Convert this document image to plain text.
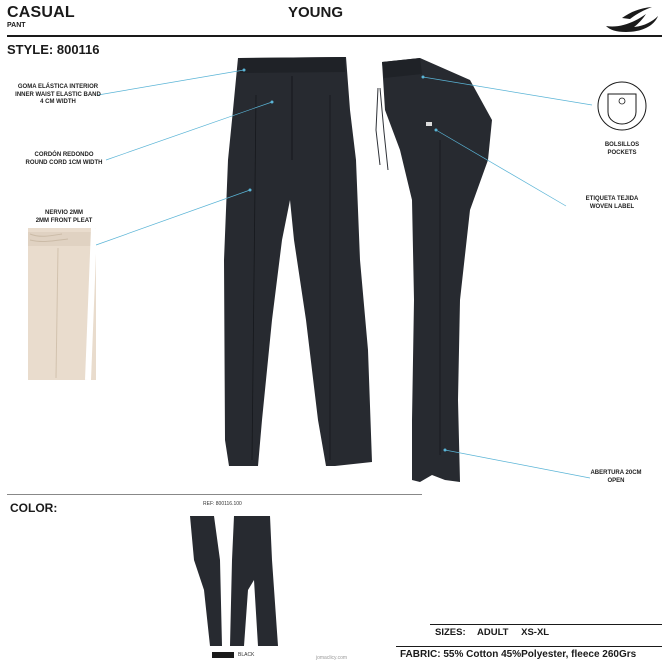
CASUAL
PANT
YOUNG
STYLE: 800116
GOMA ELÁSTICA INTERIOR
INNER WAIST ELASTIC BAND
4 CM WIDTH
CORDÓN REDONDO
ROUND CORD 1CM WIDTH
NERVIO 2MM
2MM FRONT PLEAT
BOLSILLOS
POCKETS
ETIQUETA TEJIDA
WOVEN LABEL
ABERTURA 20CM
OPEN
COLOR:	REF: 800116.100
BLACK
SIZES: ADULT XS-XL
FABRIC: 55% Cotton 45%Polyester, fleece 260Grs
jomaclicy.com
